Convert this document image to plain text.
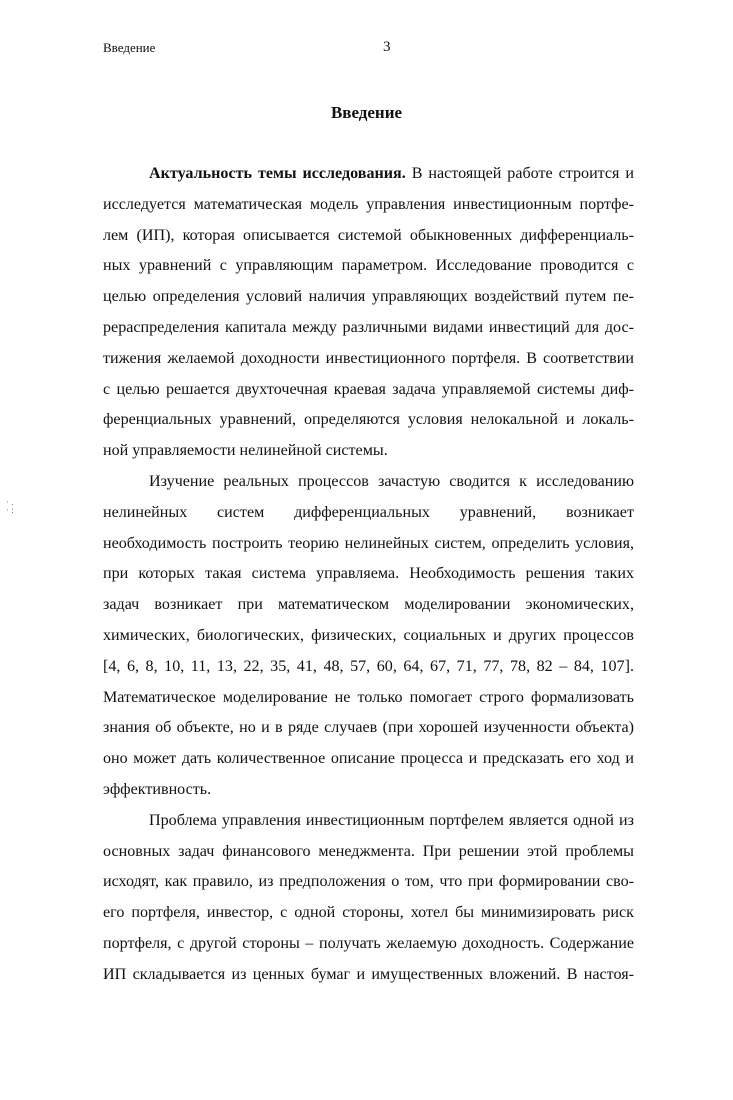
Введение	3
Введение
· .
· :
Актуальность темы исследования. В настоящей работе строится и
исследуется математическая модель управления инвестиционным портфе-
лем (ИП), которая описывается системой обыкновенных дифференциаль-
ных уравнений с управляющим параметром. Исследование проводится с
целью определения условий наличия управляющих воздействий путем пе-
рераспределения капитала между различными видами инвестиций для дос-
тижения желаемой доходности инвестиционного портфеля. В соответствии
с целью решается двухточечная краевая задача управляемой системы диф-
ференциальных уравнений, определяются условия нелокальной и локаль-
ной управляемости нелинейной системы.
Изучение реальных процессов зачастую сводится к исследованию
нелинейных систем дифференциальных уравнений, возникает
необходимость построить теорию нелинейных систем, определить условия,
при которых такая система управляема. Необходимость решения таких
задач возникает при математическом моделировании экономических,
химических, биологических, физических, социальных и других процессов
[4, 6, 8, 10, 11, 13, 22, 35, 41, 48, 57, 60, 64, 67, 71, 77, 78, 82 – 84, 107].
Математическое моделирование не только помогает строго формализовать
знания об объекте, но и в ряде случаев (при хорошей изученности объекта)
оно может дать количественное описание процесса и предсказать его ход и
эффективность.
Проблема управления инвестиционным портфелем является одной из
основных задач финансового менеджмента. При решении этой проблемы
исходят, как правило, из предположения о том, что при формировании сво-
его портфеля, инвестор, с одной стороны, хотел бы минимизировать риск
портфеля, с другой стороны – получать желаемую доходность. Содержание
ИП складывается из ценных бумаг и имущественных вложений. В настоя-
